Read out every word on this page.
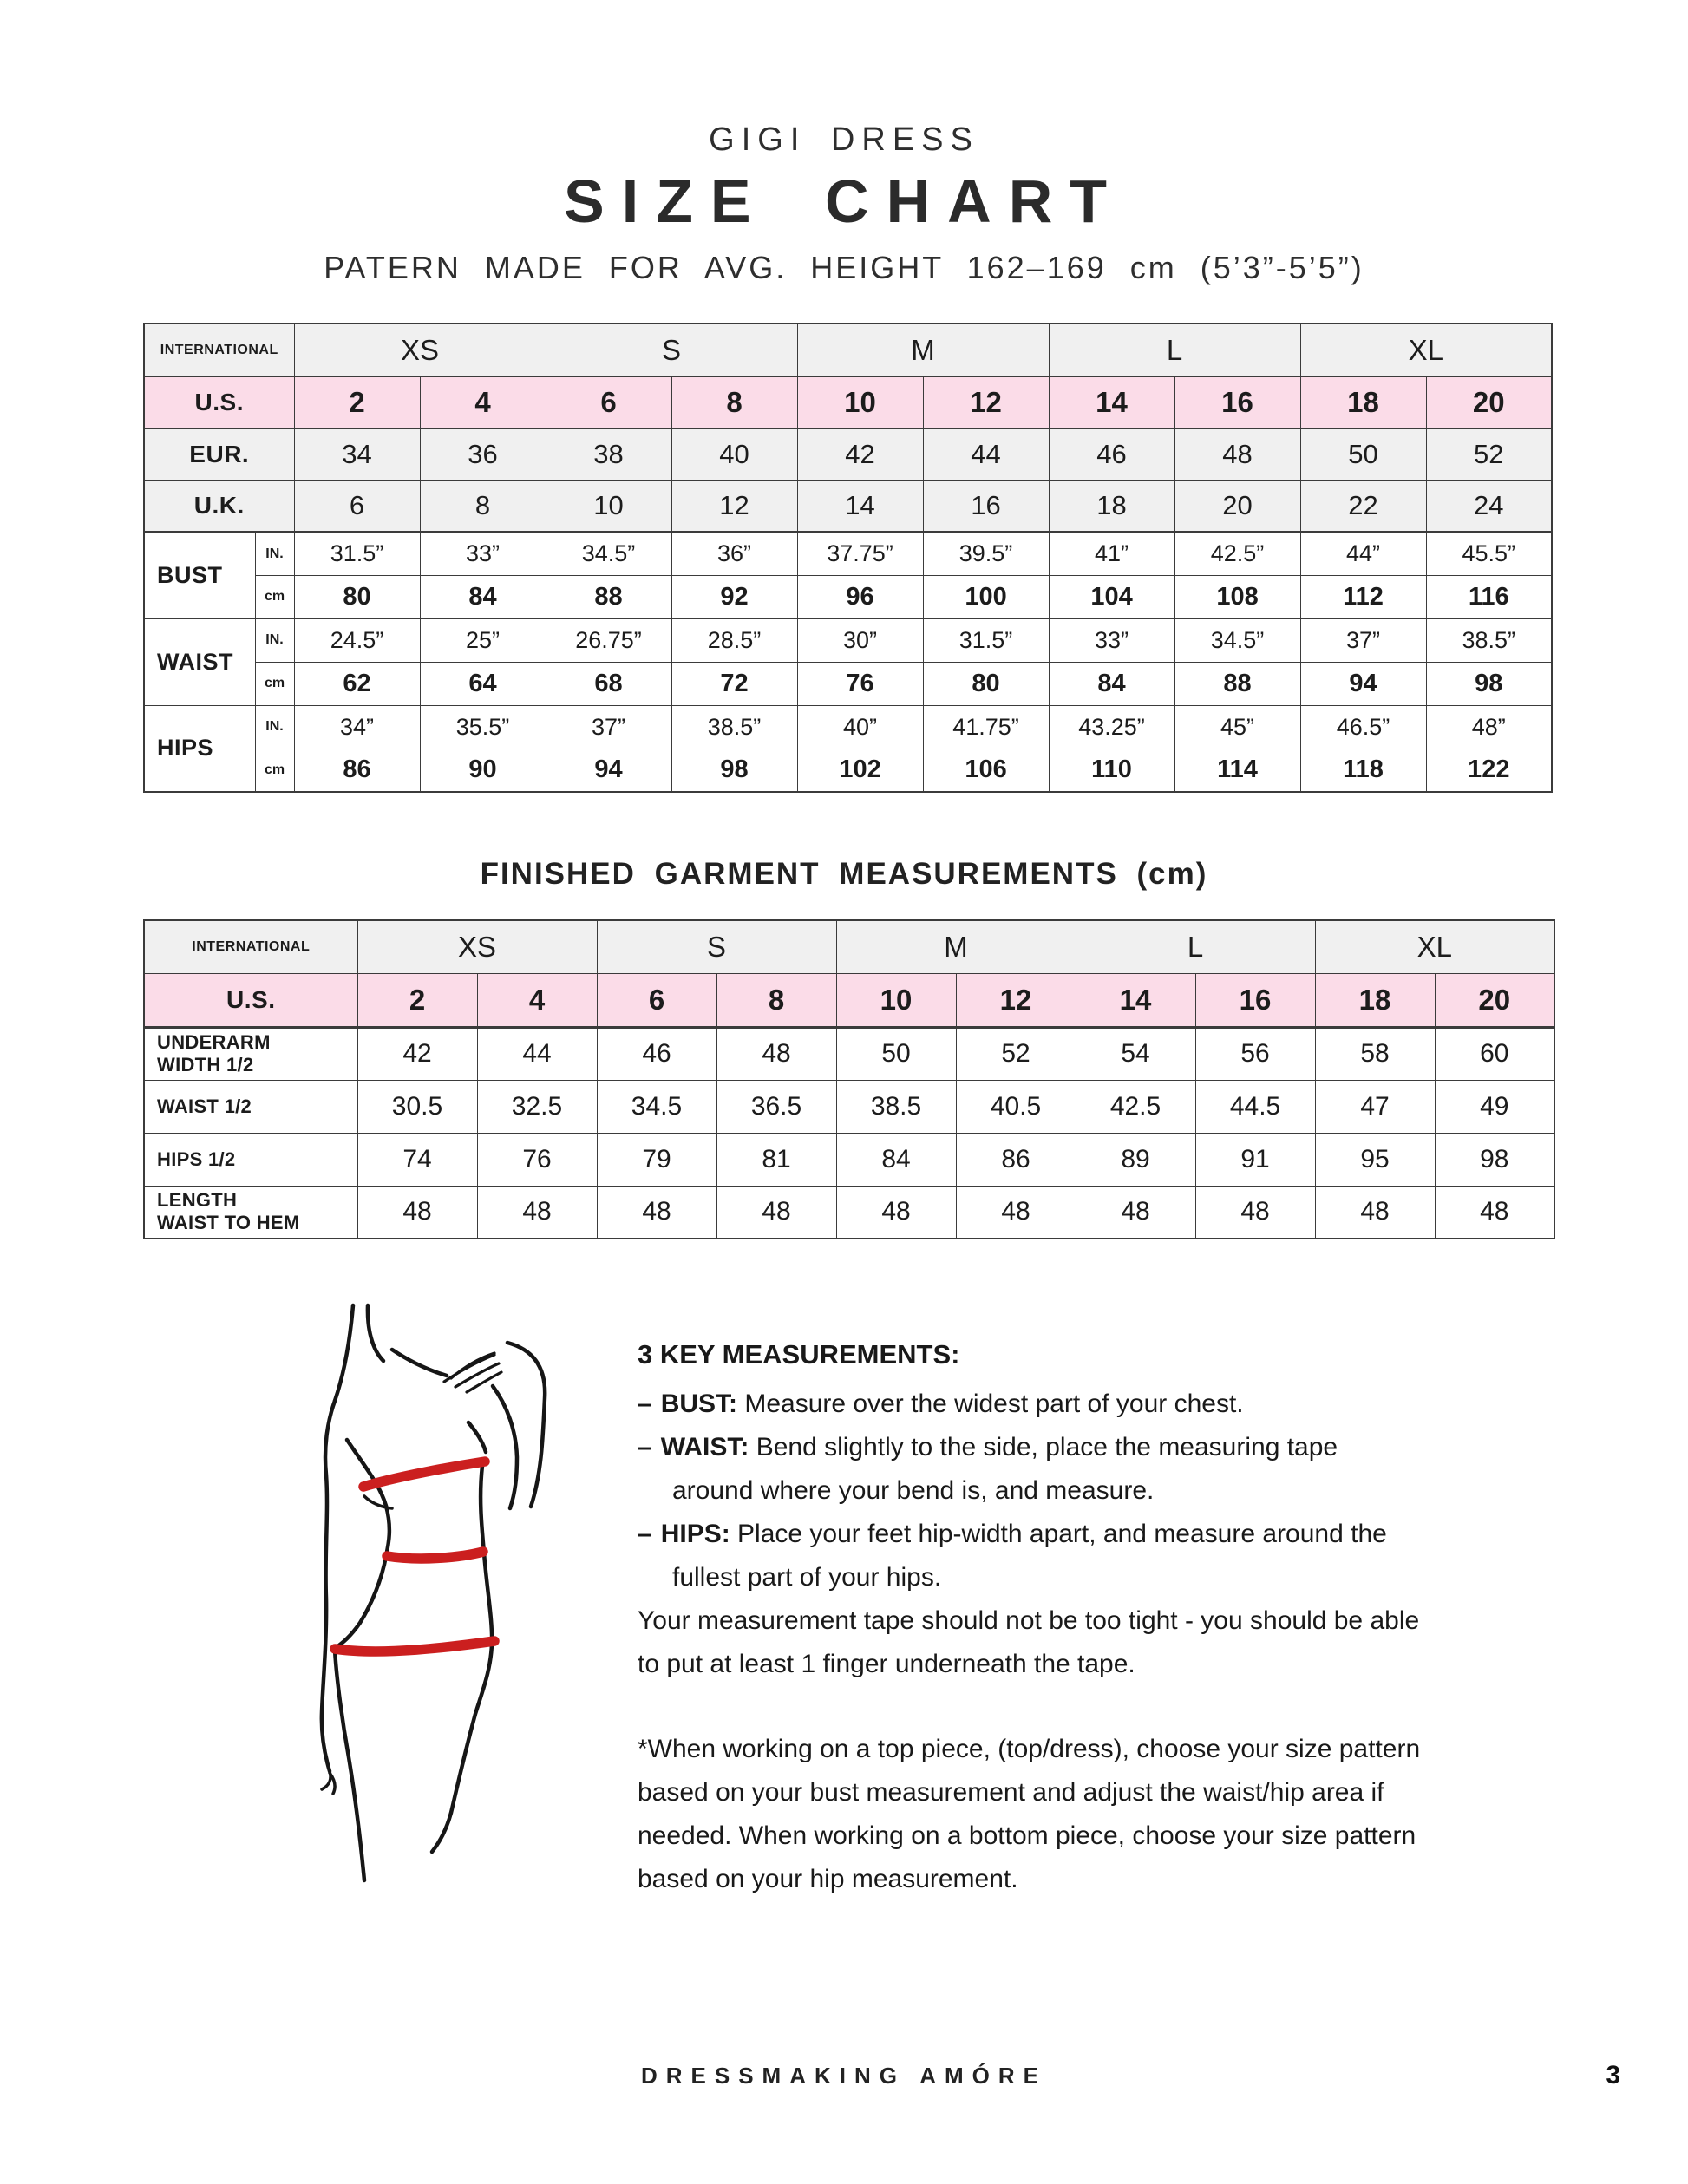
GIGI DRESS
SIZE CHART
PATERN MADE FOR AVG. HEIGHT 162–169 cm (5’3”-5’5”)
INTERNATIONAL		XS		S		M		L		XL	
U.S.		2	4	6	8	10	12	14	16	18	20
EUR.		34	36	38	40	42	44	46	48	50	52
U.K.		6	8	10	12	14	16	18	20	22	24
BUST	IN.	31.5”	33”	34.5”	36”	37.75”	39.5”	41”	42.5”	44”	45.5”
	cm	80	84	88	92	96	100	104	108	112	116
WAIST	IN.	24.5”	25”	26.75”	28.5”	30”	31.5”	33”	34.5”	37”	38.5”
	cm	62	64	68	72	76	80	84	88	94	98
HIPS	IN.	34”	35.5”	37”	38.5”	40”	41.75”	43.25”	45”	46.5”	48”
	cm	86	90	94	98	102	106	110	114	118	122
FINISHED GARMENT MEASUREMENTS (cm)
INTERNATIONAL	XS		S		M		L		XL	
U.S.	2	4	6	8	10	12	14	16	18	20

UNDERARM
WIDTH 1/2	42	44	46	48	50	52	54	56	58	60

WAIST 1/2	30.5	32.5	34.5	36.5	38.5	40.5	42.5	44.5	47	49

HIPS 1/2	74	76	79	81	84	86	89	91	95	98

LENGTH
WAIST TO HEM	48	48	48	48	48	48	48	48	48	48
3 KEY MEASUREMENTS:
– BUST: Measure over the widest part of your chest.
– WAIST: Bend slightly to the side, place the measuring tape around where your bend is, and measure.
– HIPS: Place your feet hip-width apart, and measure around the fullest part of your hips.
Your measurement tape should not be too tight - you should be able to put at least 1 finger underneath the tape.
*When working on a top piece, (top/dress), choose your size pattern based on your bust measurement and adjust the waist/hip area if needed. When working on a bottom piece, choose your size pattern based on your hip measurement.
DRESSMAKING AMÓRE	3
